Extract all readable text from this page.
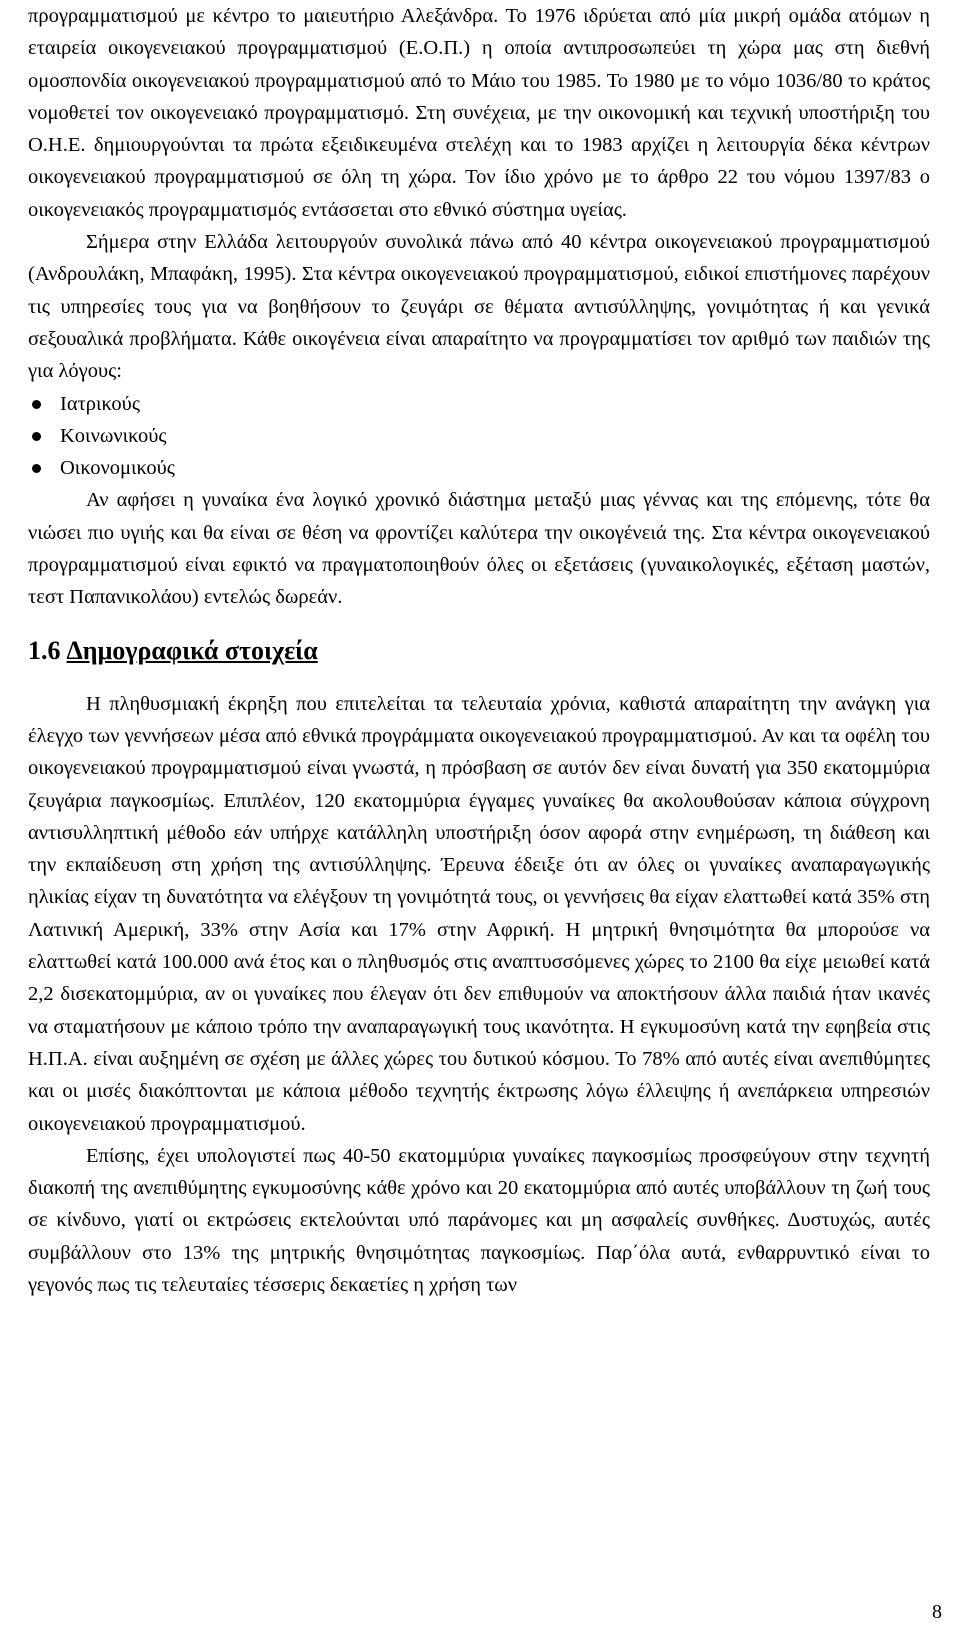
προγραμματισμού με κέντρο το μαιευτήριο Αλεξάνδρα. Το 1976 ιδρύεται από μία μικρή ομάδα ατόμων η εταιρεία οικογενειακού προγραμματισμού (Ε.Ο.Π.) η οποία αντιπροσωπεύει τη χώρα μας στη διεθνή ομοσπονδία οικογενειακού προγραμματισμού από το Μάιο του 1985. Το 1980 με το νόμο 1036/80 το κράτος νομοθετεί τον οικογενειακό προγραμματισμό. Στη συνέχεια, με την οικονομική και τεχνική υποστήριξη του Ο.Η.Ε. δημιουργούνται τα πρώτα εξειδικευμένα στελέχη και το 1983 αρχίζει η λειτουργία δέκα κέντρων οικογενειακού προγραμματισμού σε όλη τη χώρα. Τον ίδιο χρόνο με το άρθρο 22 του νόμου 1397/83 ο οικογενειακός προγραμματισμός εντάσσεται στο εθνικό σύστημα υγείας.

Σήμερα στην Ελλάδα λειτουργούν συνολικά πάνω από 40 κέντρα οικογενειακού προγραμματισμού (Ανδρουλάκη, Μπαφάκη, 1995). Στα κέντρα οικογενειακού προγραμματισμού, ειδικοί επιστήμονες παρέχουν τις υπηρεσίες τους για να βοηθήσουν το ζευγάρι σε θέματα αντισύλληψης, γονιμότητας ή και γενικά σεξουαλικά προβλήματα. Κάθε οικογένεια είναι απαραίτητο να προγραμματίσει τον αριθμό των παιδιών της για λόγους:

Ιατρικούς
Κοινωνικούς
Οικονομικούς

Αν αφήσει η γυναίκα ένα λογικό χρονικό διάστημα μεταξύ μιας γέννας και της επόμενης, τότε θα νιώσει πιο υγιής και θα είναι σε θέση να φροντίζει καλύτερα την οικογένειά της. Στα κέντρα οικογενειακού προγραμματισμού είναι εφικτό να πραγματοποιηθούν όλες οι εξετάσεις (γυναικολογικές, εξέταση μαστών, τεστ Παπανικολάου) εντελώς δωρεάν.

1.6 Δημογραφικά στοιχεία

Η πληθυσμιακή έκρηξη που επιτελείται τα τελευταία χρόνια, καθιστά απαραίτητη την ανάγκη για έλεγχο των γεννήσεων μέσα από εθνικά προγράμματα οικογενειακού προγραμματισμού. Αν και τα οφέλη του οικογενειακού προγραμματισμού είναι γνωστά, η πρόσβαση σε αυτόν δεν είναι δυνατή για 350 εκατομμύρια ζευγάρια παγκοσμίως. Επιπλέον, 120 εκατομμύρια έγγαμες γυναίκες θα ακολουθούσαν κάποια σύγχρονη αντισυλληπτική μέθοδο εάν υπήρχε κατάλληλη υποστήριξη όσον αφορά στην ενημέρωση, τη διάθεση και την εκπαίδευση στη χρήση της αντισύλληψης. Έρευνα έδειξε ότι αν όλες οι γυναίκες αναπαραγωγικής ηλικίας είχαν τη δυνατότητα να ελέγξουν τη γονιμότητά τους, οι γεννήσεις θα είχαν ελαττωθεί κατά 35% στη Λατινική Αμερική, 33% στην Ασία και 17% στην Αφρική. Η μητρική θνησιμότητα θα μπορούσε να ελαττωθεί κατά 100.000 ανά έτος και ο πληθυσμός στις αναπτυσσόμενες χώρες το 2100 θα είχε μειωθεί κατά 2,2 δισεκατομμύρια, αν οι γυναίκες που έλεγαν ότι δεν επιθυμούν να αποκτήσουν άλλα παιδιά ήταν ικανές να σταματήσουν με κάποιο τρόπο την αναπαραγωγική τους ικανότητα. Η εγκυμοσύνη κατά την εφηβεία στις Η.Π.Α. είναι αυξημένη σε σχέση με άλλες χώρες του δυτικού κόσμου. Το 78% από αυτές είναι ανεπιθύμητες και οι μισές διακόπτονται με κάποια μέθοδο τεχνητής έκτρωσης λόγω έλλειψης ή ανεπάρκεια υπηρεσιών οικογενειακού προγραμματισμού.

Επίσης, έχει υπολογιστεί πως 40-50 εκατομμύρια γυναίκες παγκοσμίως προσφεύγουν στην τεχνητή διακοπή της ανεπιθύμητης εγκυμοσύνης κάθε χρόνο και 20 εκατομμύρια από αυτές υποβάλλουν τη ζωή τους σε κίνδυνο, γιατί οι εκτρώσεις εκτελούνται υπό παράνομες και μη ασφαλείς συνθήκες. Δυστυχώς, αυτές συμβάλλουν στο 13% της μητρικής θνησιμότητας παγκοσμίως. Παρ΄όλα αυτά, ενθαρρυντικό είναι το γεγονός πως τις τελευταίες τέσσερις δεκαετίες η χρήση των

8
